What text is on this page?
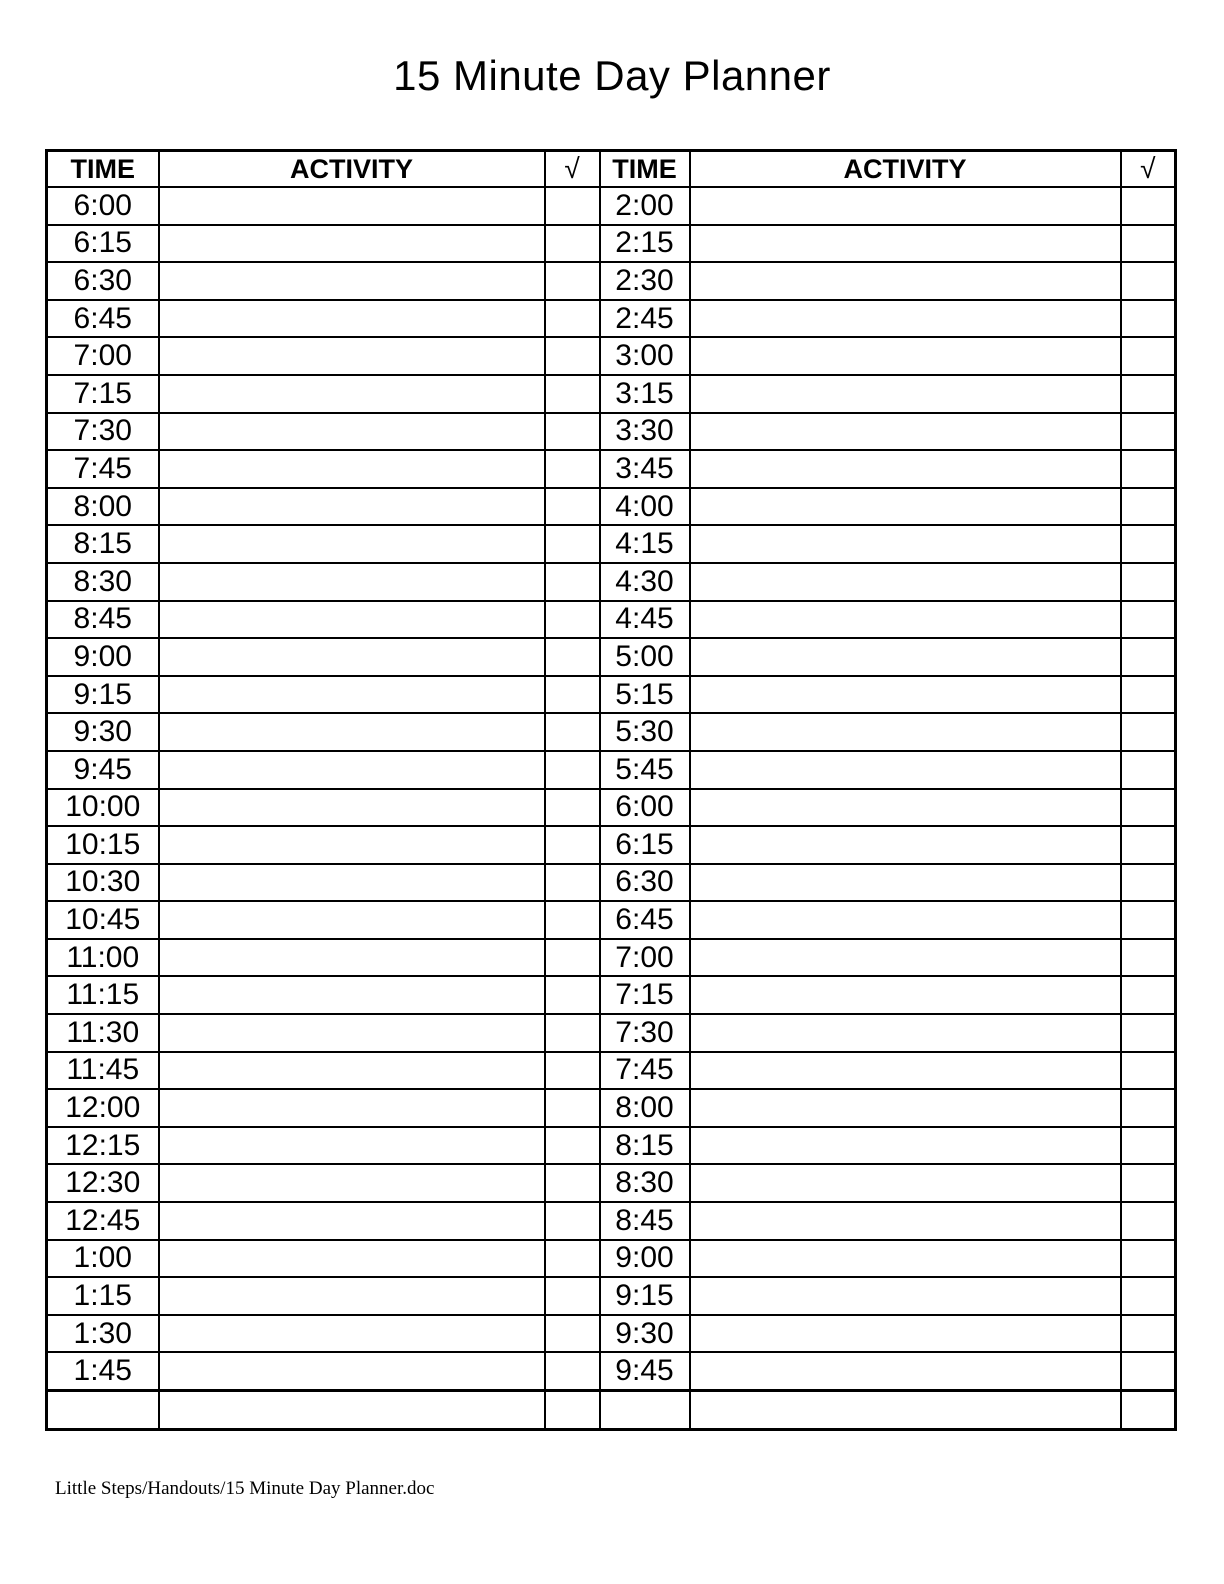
15 Minute Day Planner
TIME	ACTIVITY	√	TIME	ACTIVITY	√
6:00			2:00		
6:15			2:15		
6:30			2:30		
6:45			2:45		
7:00			3:00		
7:15			3:15		
7:30			3:30		
7:45			3:45		
8:00			4:00		
8:15			4:15		
8:30			4:30		
8:45			4:45		
9:00			5:00		
9:15			5:15		
9:30			5:30		
9:45			5:45		
10:00			6:00		
10:15			6:15		
10:30			6:30		
10:45			6:45		
11:00			7:00		
11:15			7:15		
11:30			7:30		
11:45			7:45		
12:00			8:00		
12:15			8:15		
12:30			8:30		
12:45			8:45		
1:00			9:00		
1:15			9:15		
1:30			9:30		
1:45			9:45		

Little Steps/Handouts/15 Minute Day Planner.doc
